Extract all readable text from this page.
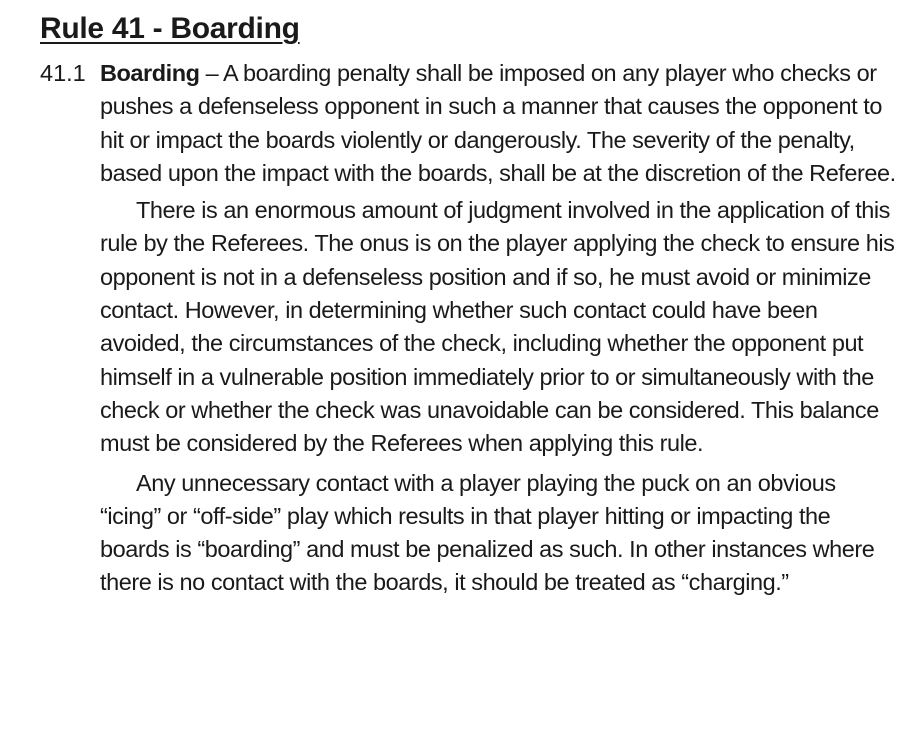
Rule 41 - Boarding
41.1 Boarding – A boarding penalty shall be imposed on any player who checks or pushes a defenseless opponent in such a manner that causes the opponent to hit or impact the boards violently or dangerously. The severity of the penalty, based upon the impact with the boards, shall be at the discretion of the Referee.

There is an enormous amount of judgment involved in the application of this rule by the Referees. The onus is on the player applying the check to ensure his opponent is not in a defenseless position and if so, he must avoid or minimize contact. However, in determining whether such contact could have been avoided, the circumstances of the check, including whether the opponent put himself in a vulnerable position immediately prior to or simultaneously with the check or whether the check was unavoidable can be considered. This balance must be considered by the Referees when applying this rule.

Any unnecessary contact with a player playing the puck on an obvious “icing” or “off-side” play which results in that player hitting or impacting the boards is “boarding” and must be penalized as such. In other instances where there is no contact with the boards, it should be treated as “charging.”
